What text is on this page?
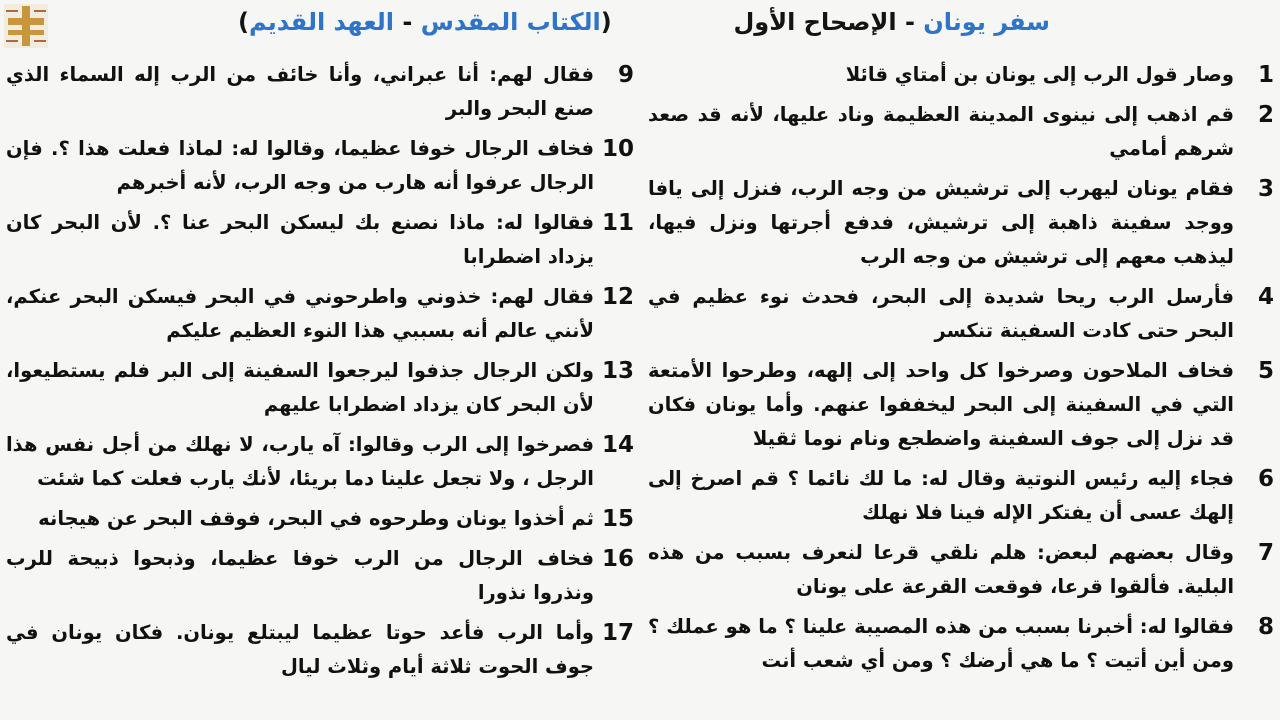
سفر يونان - الإصحاح الأول
(الكتاب المقدس - العهد القديم)
1
وصار قول الرب إلى يونان بن أمتاي قائلا
2
قم اذهب إلى نينوى المدينة العظيمة وناد عليها، لأنه قد صعد شرهم أمامي
3
فقام يونان ليهرب إلى ترشيش من وجه الرب، فنزل إلى يافا ووجد سفينة ذاهبة إلى ترشيش، فدفع أجرتها ونزل فيها، ليذهب معهم إلى ترشيش من وجه الرب
4
فأرسل الرب ريحا شديدة إلى البحر، فحدث نوء عظيم في البحر حتى كادت السفينة تنكسر
5
فخاف الملاحون وصرخوا كل واحد إلى إلهه، وطرحوا الأمتعة التي في السفينة إلى البحر ليخففوا عنهم. وأما يونان فكان قد نزل إلى جوف السفينة واضطجع ونام نوما ثقيلا
6
فجاء إليه رئيس النوتية وقال له: ما لك نائما ؟ قم اصرخ إلى إلهك عسى أن يفتكر الإله فينا فلا نهلك
7
وقال بعضهم لبعض: هلم نلقي قرعا لنعرف بسبب من هذه البلية. فألقوا قرعا، فوقعت القرعة على يونان
8
فقالوا له: أخبرنا بسبب من هذه المصيبة علينا ؟ ما هو عملك ؟ ومن أين أتيت ؟ ما هي أرضك ؟ ومن أي شعب أنت
9
فقال لهم: أنا عبراني، وأنا خائف من الرب إله السماء الذي صنع البحر والبر
10
فخاف الرجال خوفا عظيما، وقالوا له: لماذا فعلت هذا ؟. فإن الرجال عرفوا أنه هارب من وجه الرب، لأنه أخبرهم
11
فقالوا له: ماذا نصنع بك ليسكن البحر عنا ؟. لأن البحر كان يزداد اضطرابا
12
فقال لهم: خذوني واطرحوني في البحر فيسكن البحر عنكم، لأنني عالم أنه بسببي هذا النوء العظيم عليكم
13
ولكن الرجال جذفوا ليرجعوا السفينة إلى البر فلم يستطيعوا، لأن البحر كان يزداد اضطرابا عليهم
14
فصرخوا إلى الرب وقالوا: آه يارب، لا نهلك من أجل نفس هذا الرجل ، ولا تجعل علينا دما بريئا، لأنك يارب فعلت كما شئت
15
ثم أخذوا يونان وطرحوه في البحر، فوقف البحر عن هيجانه
16
فخاف الرجال من الرب خوفا عظيما، وذبحوا ذبيحة للرب ونذروا نذورا
17
وأما الرب فأعد حوتا عظيما ليبتلع يونان. فكان يونان في جوف الحوت ثلاثة أيام وثلاث ليال
